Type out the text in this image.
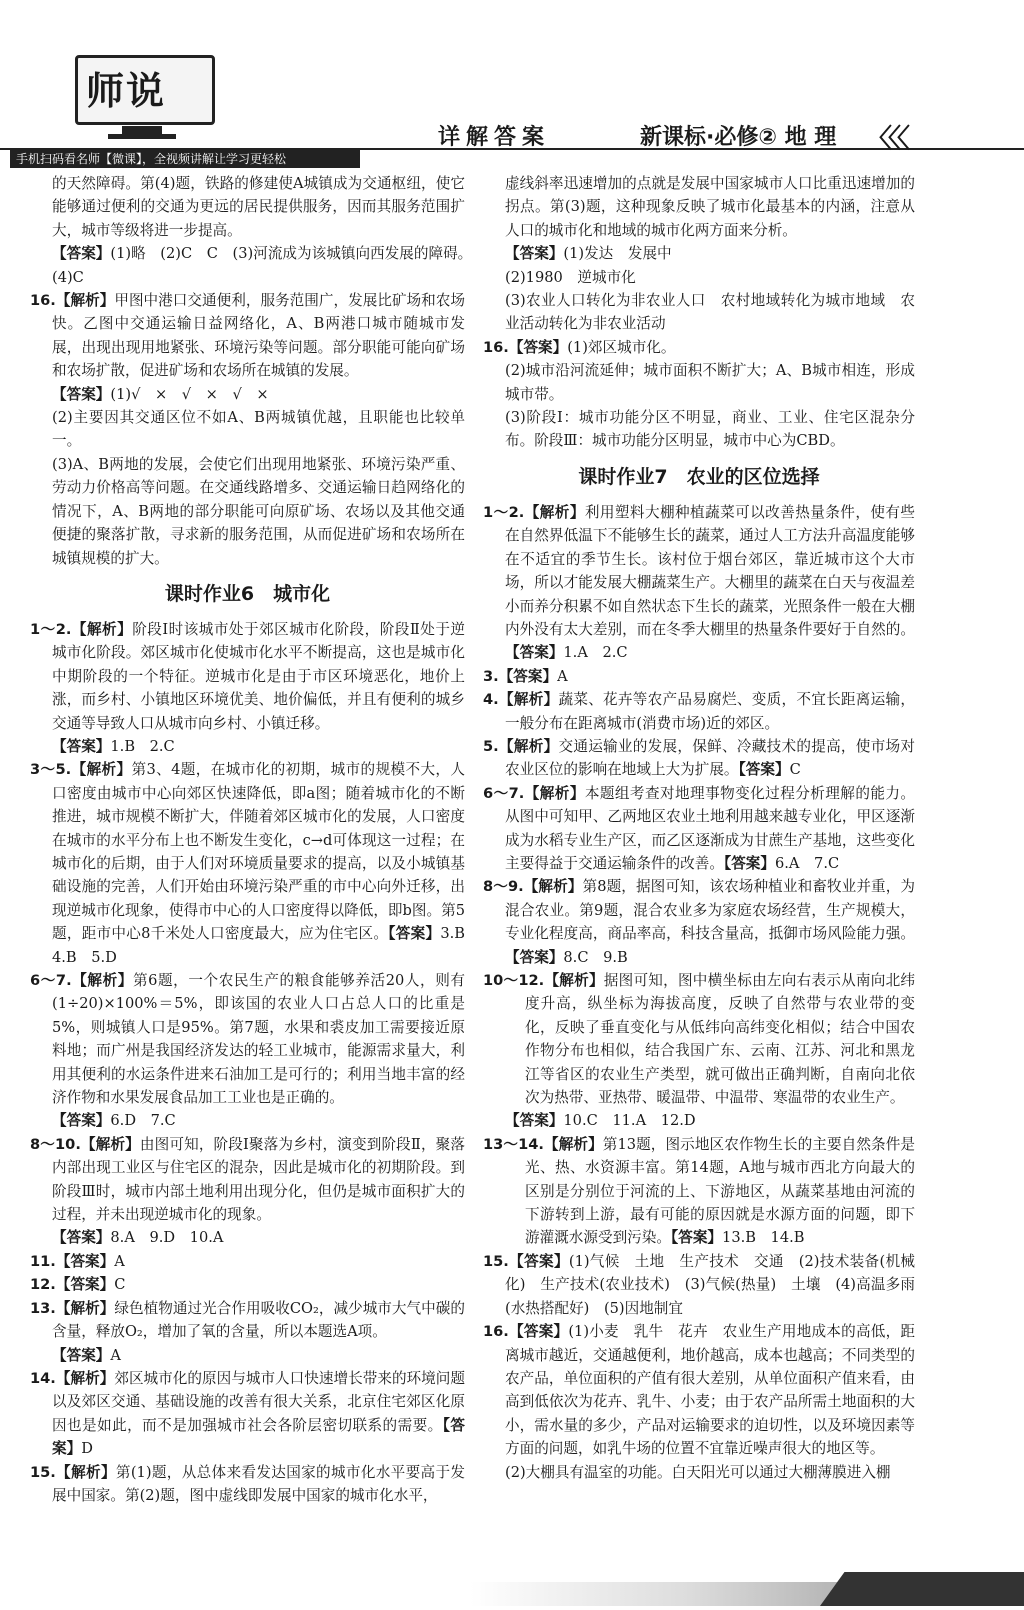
师说
手机扫码看名师【微课】，全视频讲解让学习更轻松
详解答案	新课标·必修② 地 理 〈〈〈

的天然障碍。第(4)题，铁路的修建使A城镇成为交通枢纽，使它能够通过便利的交通为更远的居民提供服务，因而其服务范围扩大，城市等级将进一步提高。

【答案】(1)略　(2)C　C　(3)河流成为该城镇向西发展的障碍。　(4)C

16.【解析】甲图中港口交通便利，服务范围广，发展比矿场和农场快。乙图中交通运输日益网络化，A、B两港口城市随城市发展，出现出现用地紧张、环境污染等问题。部分职能可能向矿场和农场扩散，促进矿场和农场所在城镇的发展。

【答案】(1)√　×　√　×　√　×

(2)主要因其交通区位不如A、B两城镇优越，且职能也比较单一。

(3)A、B两地的发展，会使它们出现用地紧张、环境污染严重、劳动力价格高等问题。在交通线路增多、交通运输日趋网络化的情况下，A、B两地的部分职能可向原矿场、农场以及其他交通便捷的聚落扩散，寻求新的服务范围，从而促进矿场和农场所在城镇规模的扩大。

课时作业6　城市化

1～2.【解析】阶段Ⅰ时该城市处于郊区城市化阶段，阶段Ⅱ处于逆城市化阶段。郊区城市化使城市化水平不断提高，这也是城市化中期阶段的一个特征。逆城市化是由于市区环境恶化，地价上涨，而乡村、小镇地区环境优美、地价偏低，并且有便利的城乡交通等导致人口从城市向乡村、小镇迁移。

【答案】1.B　2.C

3～5.【解析】第3、4题，在城市化的初期，城市的规模不大，人口密度由城市中心向郊区快速降低，即a图；随着城市化的不断推进，城市规模不断扩大，伴随着郊区城市化的发展，人口密度在城市的水平分布上也不断发生变化，c→d可体现这一过程；在城市化的后期，由于人们对环境质量要求的提高，以及小城镇基础设施的完善，人们开始由环境污染严重的市中心向外迁移，出现逆城市化现象，使得市中心的人口密度得以降低，即b图。第5题，距市中心8千米处人口密度最大，应为住宅区。【答案】3.B　4.B　5.D

6～7.【解析】第6题，一个农民生产的粮食能够养活20人，则有(1÷20)×100%＝5%，即该国的农业人口占总人口的比重是5%，则城镇人口是95%。第7题，水果和裘皮加工需要接近原料地；而广州是我国经济发达的轻工业城市，能源需求量大，利用其便利的水运条件进来石油加工是可行的；利用当地丰富的经济作物和水果发展食品加工工业也是正确的。

【答案】6.D　7.C

8～10.【解析】由图可知，阶段Ⅰ聚落为乡村，演变到阶段Ⅱ，聚落内部出现工业区与住宅区的混杂，因此是城市化的初期阶段。到阶段Ⅲ时，城市内部土地利用出现分化，但仍是城市面积扩大的过程，并未出现逆城市化的现象。

【答案】8.A　9.D　10.A

11.【答案】A

12.【答案】C

13.【解析】绿色植物通过光合作用吸收CO₂，减少城市大气中碳的含量，释放O₂，增加了氧的含量，所以本题选A项。

【答案】A

14.【解析】郊区城市化的原因与城市人口快速增长带来的环境问题以及郊区交通、基础设施的改善有很大关系，北京住宅郊区化原因也是如此，而不是加强城市社会各阶层密切联系的需要。【答案】D

15.【解析】第(1)题，从总体来看发达国家的城市化水平要高于发展中国家。第(2)题，图中虚线即发展中国家的城市化水平，

虚线斜率迅速增加的点就是发展中国家城市人口比重迅速增加的拐点。第(3)题，这种现象反映了城市化最基本的内涵，注意从人口的城市化和地域的城市化两方面来分析。

【答案】(1)发达　发展中

(2)1980　逆城市化

(3)农业人口转化为非农业人口　农村地域转化为城市地域　农业活动转化为非农业活动

16.【答案】(1)郊区城市化。

(2)城市沿河流延伸；城市面积不断扩大；A、B城市相连，形成城市带。

(3)阶段Ⅰ：城市功能分区不明显，商业、工业、住宅区混杂分布。阶段Ⅲ：城市功能分区明显，城市中心为CBD。

课时作业7　农业的区位选择

1～2.【解析】利用塑料大棚种植蔬菜可以改善热量条件，使有些在自然界低温下不能够生长的蔬菜，通过人工方法升高温度能够在不适宜的季节生长。该村位于烟台郊区，靠近城市这个大市场，所以才能发展大棚蔬菜生产。大棚里的蔬菜在白天与夜温差小而养分积累不如自然状态下生长的蔬菜，光照条件一般在大棚内外没有太大差别，而在冬季大棚里的热量条件要好于自然的。【答案】1.A　2.C

3.【答案】A

4.【解析】蔬菜、花卉等农产品易腐烂、变质，不宜长距离运输，一般分布在距离城市(消费市场)近的郊区。

5.【解析】交通运输业的发展，保鲜、冷藏技术的提高，使市场对农业区位的影响在地域上大为扩展。【答案】C

6～7.【解析】本题组考查对地理事物变化过程分析理解的能力。从图中可知甲、乙两地区农业土地利用越来越专业化，甲区逐渐成为水稻专业生产区，而乙区逐渐成为甘蔗生产基地，这些变化主要得益于交通运输条件的改善。【答案】6.A　7.C

8～9.【解析】第8题，据图可知，该农场种植业和畜牧业并重，为混合农业。第9题，混合农业多为家庭农场经营，生产规模大，专业化程度高，商品率高，科技含量高，抵御市场风险能力强。【答案】8.C　9.B

10～12.【解析】据图可知，图中横坐标由左向右表示从南向北纬度升高，纵坐标为海拔高度，反映了自然带与农业带的变化，反映了垂直变化与从低纬向高纬变化相似；结合中国农作物分布也相似，结合我国广东、云南、江苏、河北和黑龙江等省区的农业生产类型，就可做出正确判断，自南向北依次为热带、亚热带、暖温带、中温带、寒温带的农业生产。

【答案】10.C　11.A　12.D

13～14.【解析】第13题，图示地区农作物生长的主要自然条件是光、热、水资源丰富。第14题，A地与城市西北方向最大的区别是分别位于河流的上、下游地区，从蔬菜基地由河流的下游转到上游，最有可能的原因就是水源方面的问题，即下游灌溉水源受到污染。【答案】13.B　14.B

15.【答案】(1)气候　土地　生产技术　交通　(2)技术装备(机械化)　生产技术(农业技术)　(3)气候(热量)　土壤　(4)高温多雨(水热搭配好)　(5)因地制宜

16.【答案】(1)小麦　乳牛　花卉　农业生产用地成本的高低，距离城市越近，交通越便利，地价越高，成本也越高；不同类型的农产品，单位面积的产值有很大差别，从单位面积产值来看，由高到低依次为花卉、乳牛、小麦；由于农产品所需土地面积的大小，需水量的多少，产品对运输要求的迫切性，以及环境因素等方面的问题，如乳牛场的位置不宜靠近噪声很大的地区等。

(2)大棚具有温室的功能。白天阳光可以通过大棚薄膜进入棚
